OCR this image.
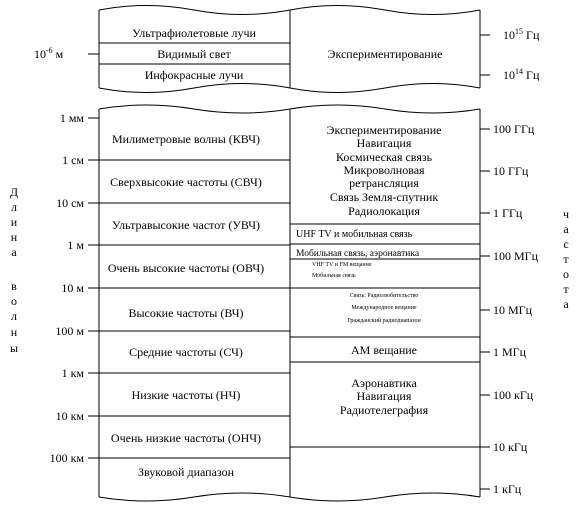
Ультрафиолетовые лучи
Видимый свет
Инфокрасные лучи
Экспериментирование
$10^{-6}$ м
$10^{15}$ Гц
$10^{14}$ Гц
Милиметровые волны (КВЧ)
Сверхвысокие частоты (СВЧ)
Ультравысокие частот (УВЧ)
Очень высокие частоты (ОВЧ)
Высокие частоты (ВЧ)
Средние частоты (СЧ)
Низкие частоты (НЧ)
Очень низкие частоты (ОНЧ)
Звуковой диапазон
Экспериментирование
Навигация
Космическая связь
Микроволновая
ретрансляция
Связь Земля-спутник
Радиолокация
UHF TV и мобильная связь
Мобильная связь, аэронавтика
VHF TV и FM вещание
Мобильная связь
Связь: Радиолюбительство
Международное вещание
Гражданский радиодиапазон
АМ вещание
Аэронавтика
Навигация
Радиотелеграфия
1 мм
1 см
10 см
1 м
10 м
100 м
1 км
10 км
100 км
Д
л
и
н
а
в
о
л
н
ы
100 ГГц
10 ГГц
1 ГГц
100 МГц
10 МГц
1 МГц
100 кГц
10 кГц
1 кГц
ч
а
с
т
о
т
а
